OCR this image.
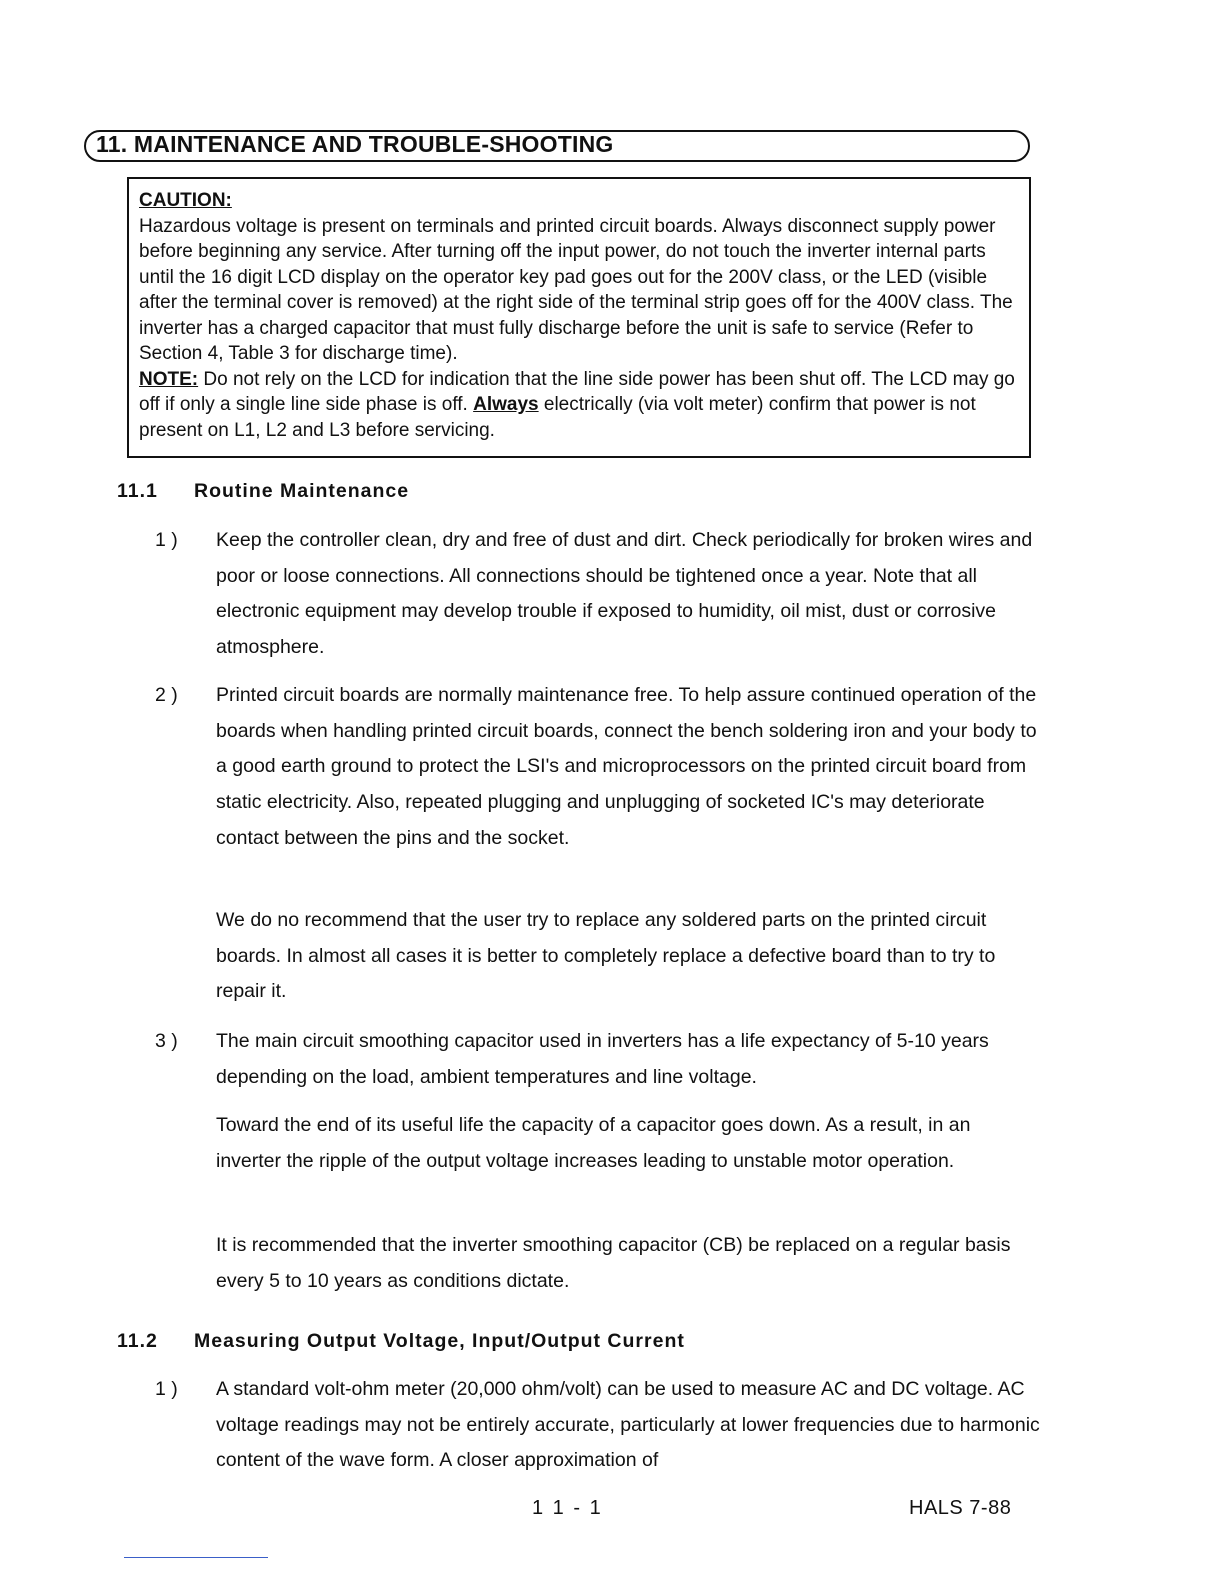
11. MAINTENANCE AND TROUBLE-SHOOTING

CAUTION:
Hazardous voltage is present on terminals and printed circuit boards. Always disconnect supply power before beginning any service. After turning off the input power, do not touch the inverter internal parts until the 16 digit LCD display on the operator key pad goes out for the 200V class, or the LED (visible after the terminal cover is removed) at the right side of the terminal strip goes off for the 400V class. The inverter has a charged capacitor that must fully discharge before the unit is safe to service (Refer to Section 4, Table 3 for discharge time).
NOTE: Do not rely on the LCD for indication that the line side power has been shut off. The LCD may go off if only a single line side phase is off. Always electrically (via volt meter) confirm that power is not present on L1, L2 and L3 before servicing.

11.1 Routine Maintenance
1 ) Keep the controller clean, dry and free of dust and dirt. Check periodically for broken wires and poor or loose connections. All connections should be tightened once a year. Note that all electronic equipment may develop trouble if exposed to humidity, oil mist, dust or corrosive atmosphere.
2 ) Printed circuit boards are normally maintenance free. To help assure continued operation of the boards when handling printed circuit boards, connect the bench soldering iron and your body to a good earth ground to protect the LSI's and microprocessors on the printed circuit board from static electricity. Also, repeated plugging and unplugging of socketed IC's may deteriorate contact between the pins and the socket.
We do no recommend that the user try to replace any soldered parts on the printed circuit boards. In almost all cases it is better to completely replace a defective board than to try to repair it.
3 ) The main circuit smoothing capacitor used in inverters has a life expectancy of 5-10 years depending on the load, ambient temperatures and line voltage.
Toward the end of its useful life the capacity of a capacitor goes down. As a result, in an inverter the ripple of the output voltage increases leading to unstable motor operation.
It is recommended that the inverter smoothing capacitor (CB) be replaced on a regular basis every 5 to 10 years as conditions dictate.
11.2 Measuring Output Voltage, Input/Output Current
1 ) A standard volt-ohm meter (20,000 ohm/volt) can be used to measure AC and DC voltage. AC voltage readings may not be entirely accurate, particularly at lower frequencies due to harmonic content of the wave form. A closer approximation of
1 1 - 1	HALS 7-88
